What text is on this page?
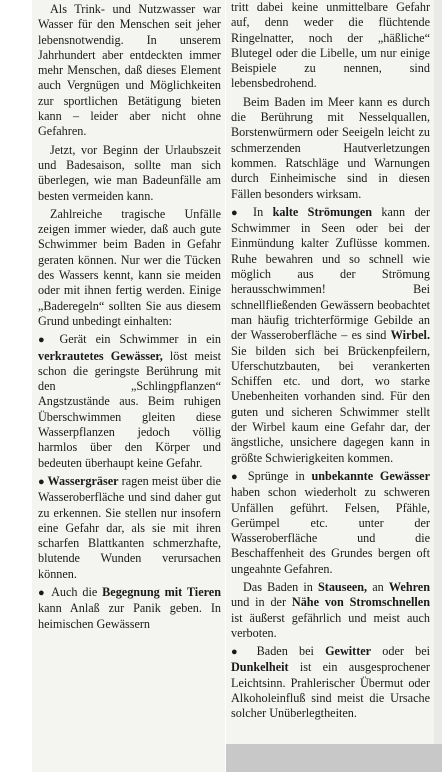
Als Trink- und Nutzwasser war Wasser für den Menschen seit jeher lebensnotwendig. In unserem Jahrhundert aber entdeckten immer mehr Menschen, daß dieses Element auch Vergnügen und Möglichkeiten zur sportlichen Betätigung bieten kann – leider aber nicht ohne Gefahren.

Jetzt, vor Beginn der Urlaubszeit und Badesaison, sollte man sich überlegen, wie man Badeunfälle am besten vermeiden kann.

Zahlreiche tragische Unfälle zeigen immer wieder, daß auch gute Schwimmer beim Baden in Gefahr geraten können. Nur wer die Tücken des Wassers kennt, kann sie meiden oder mit ihnen fertig werden. Einige „Baderegeln“ sollten Sie aus diesem Grund unbedingt einhalten:

● Gerät ein Schwimmer in ein verkrautetes Gewässer, löst meist schon die geringste Berührung mit den „Schlingpflanzen“ Angstzustände aus. Beim ruhigen Überschwimmen gleiten diese Wasserpflanzen jedoch völlig harmlos über den Körper und bedeuten überhaupt keine Gefahr.

● Wassergräser ragen meist über die Wasseroberfläche und sind daher gut zu erkennen. Sie stellen nur insofern eine Gefahr dar, als sie mit ihren scharfen Blattkanten schmerzhafte, blutende Wunden verursachen können.

● Auch die Begegnung mit Tieren kann Anlaß zur Panik geben. In heimischen Gewässern

tritt dabei keine unmittelbare Gefahr auf, denn weder die flüchtende Ringelnatter, noch der „häßliche“ Blutegel oder die Libelle, um nur einige Beispiele zu nennen, sind lebensbedrohend.

Beim Baden im Meer kann es durch die Berührung mit Nesselquallen, Borstenwürmern oder Seeigeln leicht zu schmerzenden Hautverletzungen kommen. Ratschläge und Warnungen durch Einheimische sind in diesen Fällen besonders wirksam.

● In kalte Strömungen kann der Schwimmer in Seen oder bei der Einmündung kalter Zuflüsse kommen. Ruhe bewahren und so schnell wie möglich aus der Strömung herausschwimmen! Bei schnellfließenden Gewässern beobachtet man häufig trichterförmige Gebilde an der Wasseroberfläche – es sind Wirbel. Sie bilden sich bei Brückenpfeilern, Uferschutzbauten, bei verankerten Schiffen etc. und dort, wo starke Unebenheiten vorhanden sind. Für den guten und sicheren Schwimmer stellt der Wirbel kaum eine Gefahr dar, der ängstliche, unsichere dagegen kann in größte Schwierigkeiten kommen.

● Sprünge in unbekannte Gewässer haben schon wiederholt zu schweren Unfällen geführt. Felsen, Pfähle, Gerümpel etc. unter der Wasseroberfläche und die Beschaffenheit des Grundes bergen oft ungeahnte Gefahren.

Das Baden in Stauseen, an Wehren und in der Nähe von Stromschnellen ist äußerst gefährlich und meist auch verboten.

● Baden bei Gewitter oder bei Dunkelheit ist ein ausgesprochener Leichtsinn. Prahlerischer Übermut oder Alkoholeinfluß sind meist die Ursache solcher Unüberlegtheiten.
